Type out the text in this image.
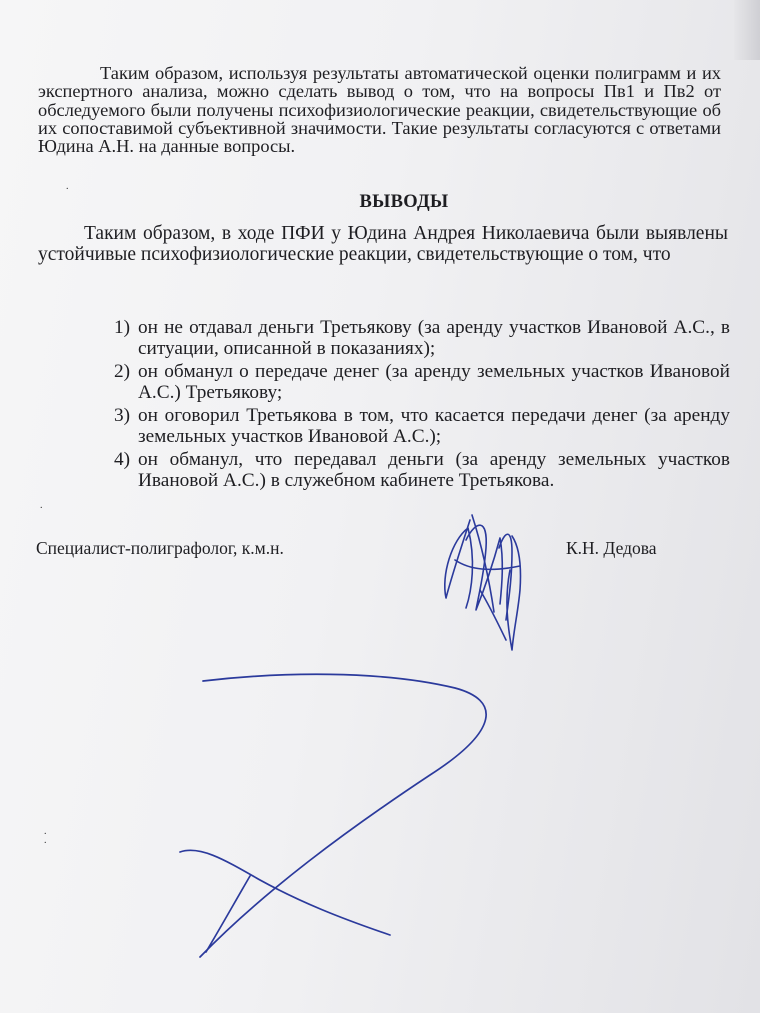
Таким образом, используя результаты автоматической оценки полиграмм и их экспертного анализа, можно сделать вывод о том, что на вопросы Пв1 и Пв2 от обследуемого были получены психофизиологические реакции, свидетельствующие об их сопоставимой субъективной значимости. Такие результаты согласуются с ответами Юдина А.Н. на данные вопросы.

.
ВЫВОДЫ

Таким образом, в ходе ПФИ у Юдина Андрея Николаевича были выявлены устойчивые психофизиологические реакции, свидетельствующие о том, что

1) он не отдавал деньги Третьякову (за аренду участков Ивановой А.С., в ситуации, описанной в показаниях);
2) он обманул о передаче денег (за аренду земельных участков Ивановой А.С.) Третьякову;
3) он оговорил Третьякова в том, что касается передачи денег (за аренду земельных участков Ивановой А.С.);
4) он обманул, что передавал деньги (за аренду земельных участков Ивановой А.С.) в служебном кабинете Третьякова.
.
Специалист-полиграфолог, к.м.н.	К.Н. Дедова
.
.
